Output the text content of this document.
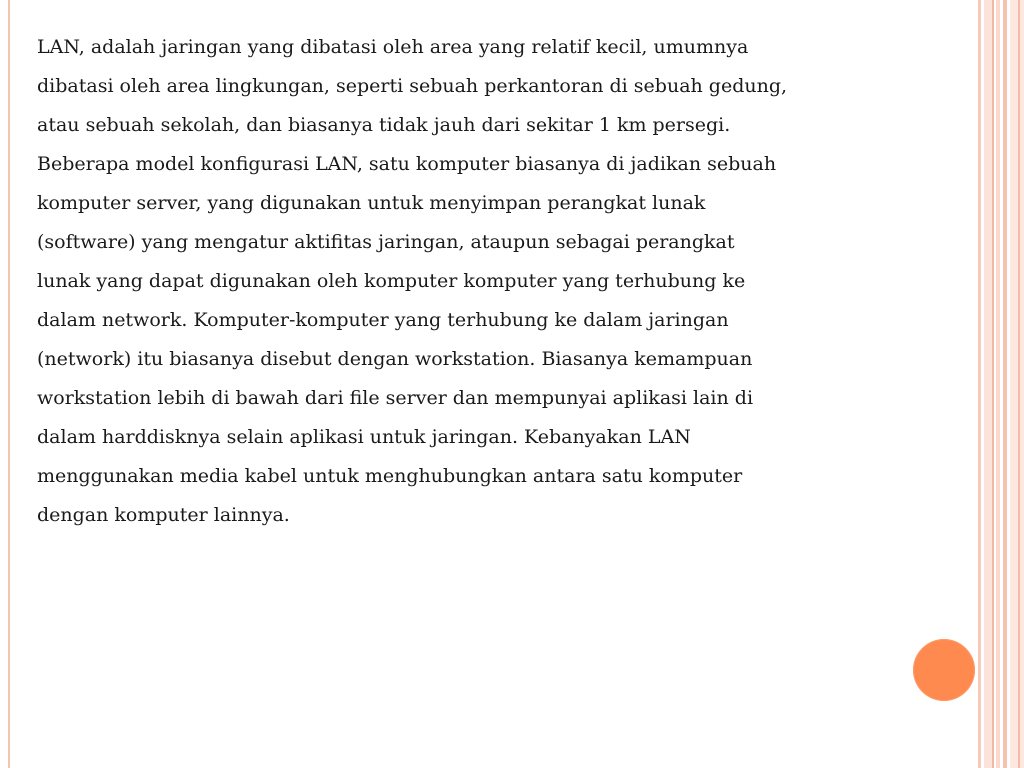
LAN, adalah jaringan yang dibatasi oleh area yang relatif kecil, umumnya
dibatasi oleh area lingkungan, seperti sebuah perkantoran di sebuah gedung,
atau sebuah sekolah, dan biasanya tidak jauh dari sekitar 1 km persegi.
Beberapa model konfigurasi LAN, satu komputer biasanya di jadikan sebuah
komputer server, yang digunakan untuk menyimpan perangkat lunak
(software) yang mengatur aktifitas jaringan, ataupun sebagai perangkat
lunak yang dapat digunakan oleh komputer komputer yang terhubung ke
dalam network. Komputer-komputer yang terhubung ke dalam jaringan
(network) itu biasanya disebut dengan workstation. Biasanya kemampuan
workstation lebih di bawah dari file server dan mempunyai aplikasi lain di
dalam harddisknya selain aplikasi untuk jaringan. Kebanyakan LAN
menggunakan media kabel untuk menghubungkan antara satu komputer
dengan komputer lainnya.
